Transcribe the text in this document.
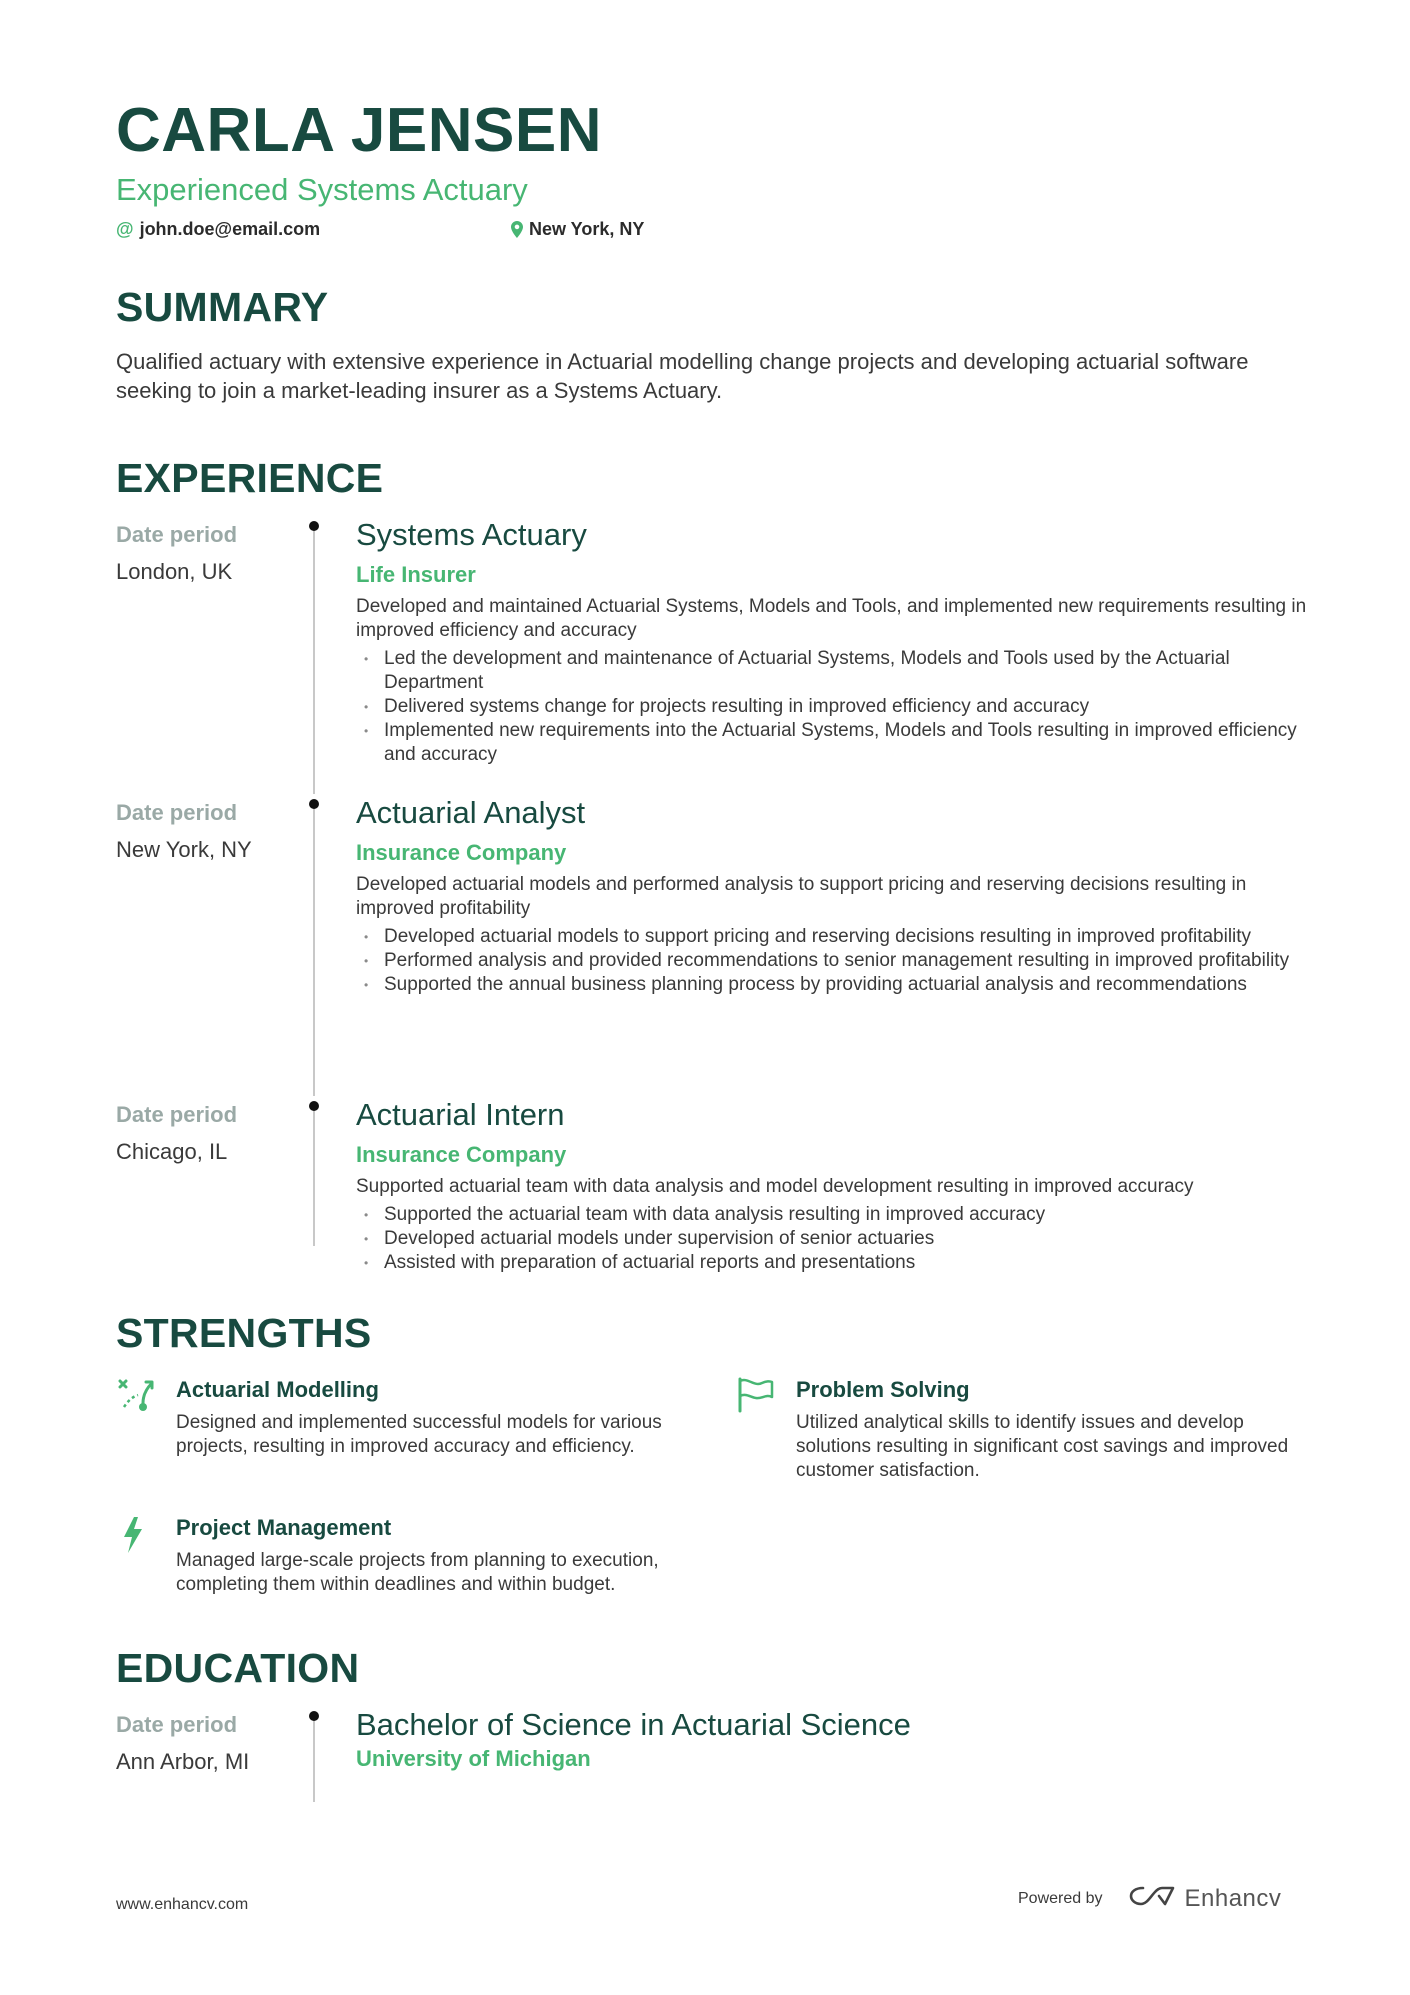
CARLA JENSEN
Experienced Systems Actuary
@ john.doe@email.com	New York, NY
SUMMARY
Qualified actuary with extensive experience in Actuarial modelling change projects and developing actuarial software seeking to join a market-leading insurer as a Systems Actuary.
EXPERIENCE
Date period
London, UK
Systems Actuary
Life Insurer
Developed and maintained Actuarial Systems, Models and Tools, and implemented new requirements resulting in improved efficiency and accuracy
• Led the development and maintenance of Actuarial Systems, Models and Tools used by the Actuarial Department
• Delivered systems change for projects resulting in improved efficiency and accuracy
• Implemented new requirements into the Actuarial Systems, Models and Tools resulting in improved efficiency and accuracy
Date period
New York, NY
Actuarial Analyst
Insurance Company
Developed actuarial models and performed analysis to support pricing and reserving decisions resulting in improved profitability
• Developed actuarial models to support pricing and reserving decisions resulting in improved profitability
• Performed analysis and provided recommendations to senior management resulting in improved profitability
• Supported the annual business planning process by providing actuarial analysis and recommendations
Date period
Chicago, IL
Actuarial Intern
Insurance Company
Supported actuarial team with data analysis and model development resulting in improved accuracy
• Supported the actuarial team with data analysis resulting in improved accuracy
• Developed actuarial models under supervision of senior actuaries
• Assisted with preparation of actuarial reports and presentations
STRENGTHS
Actuarial Modelling
Designed and implemented successful models for various projects, resulting in improved accuracy and efficiency.
Problem Solving
Utilized analytical skills to identify issues and develop solutions resulting in significant cost savings and improved customer satisfaction.
Project Management
Managed large-scale projects from planning to execution, completing them within deadlines and within budget.
EDUCATION
Date period
Ann Arbor, MI
Bachelor of Science in Actuarial Science
University of Michigan
www.enhancv.com	Powered by	Enhancv
